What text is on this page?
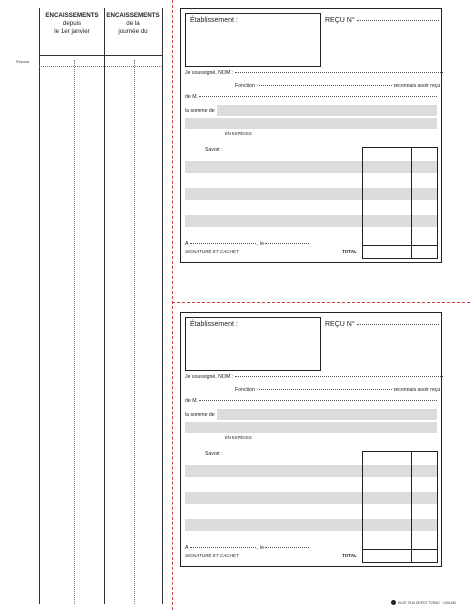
ENCAISSEMENTS
depuis
le 1er janvier
ENCAISSEMENTS
de la
journée du
Reports
Établissement :	REÇU N°
Je soussigné, NOM :
Fonction :	reconnais avoir reçu
de M.
la somme de
EN ESPÈCES
Savoir :
TOTAL
A	, le
SIGNATURE ET CACHET
Établissement :	REÇU N°
Je soussigné, NOM :
Fonction :	reconnais avoir reçu
de M.
la somme de
EN ESPÈCES
Savoir :
TOTAL
A	, le
SIGNATURE ET CACHET
ELVE 7510 DEPOT TVRAC · 100x150
